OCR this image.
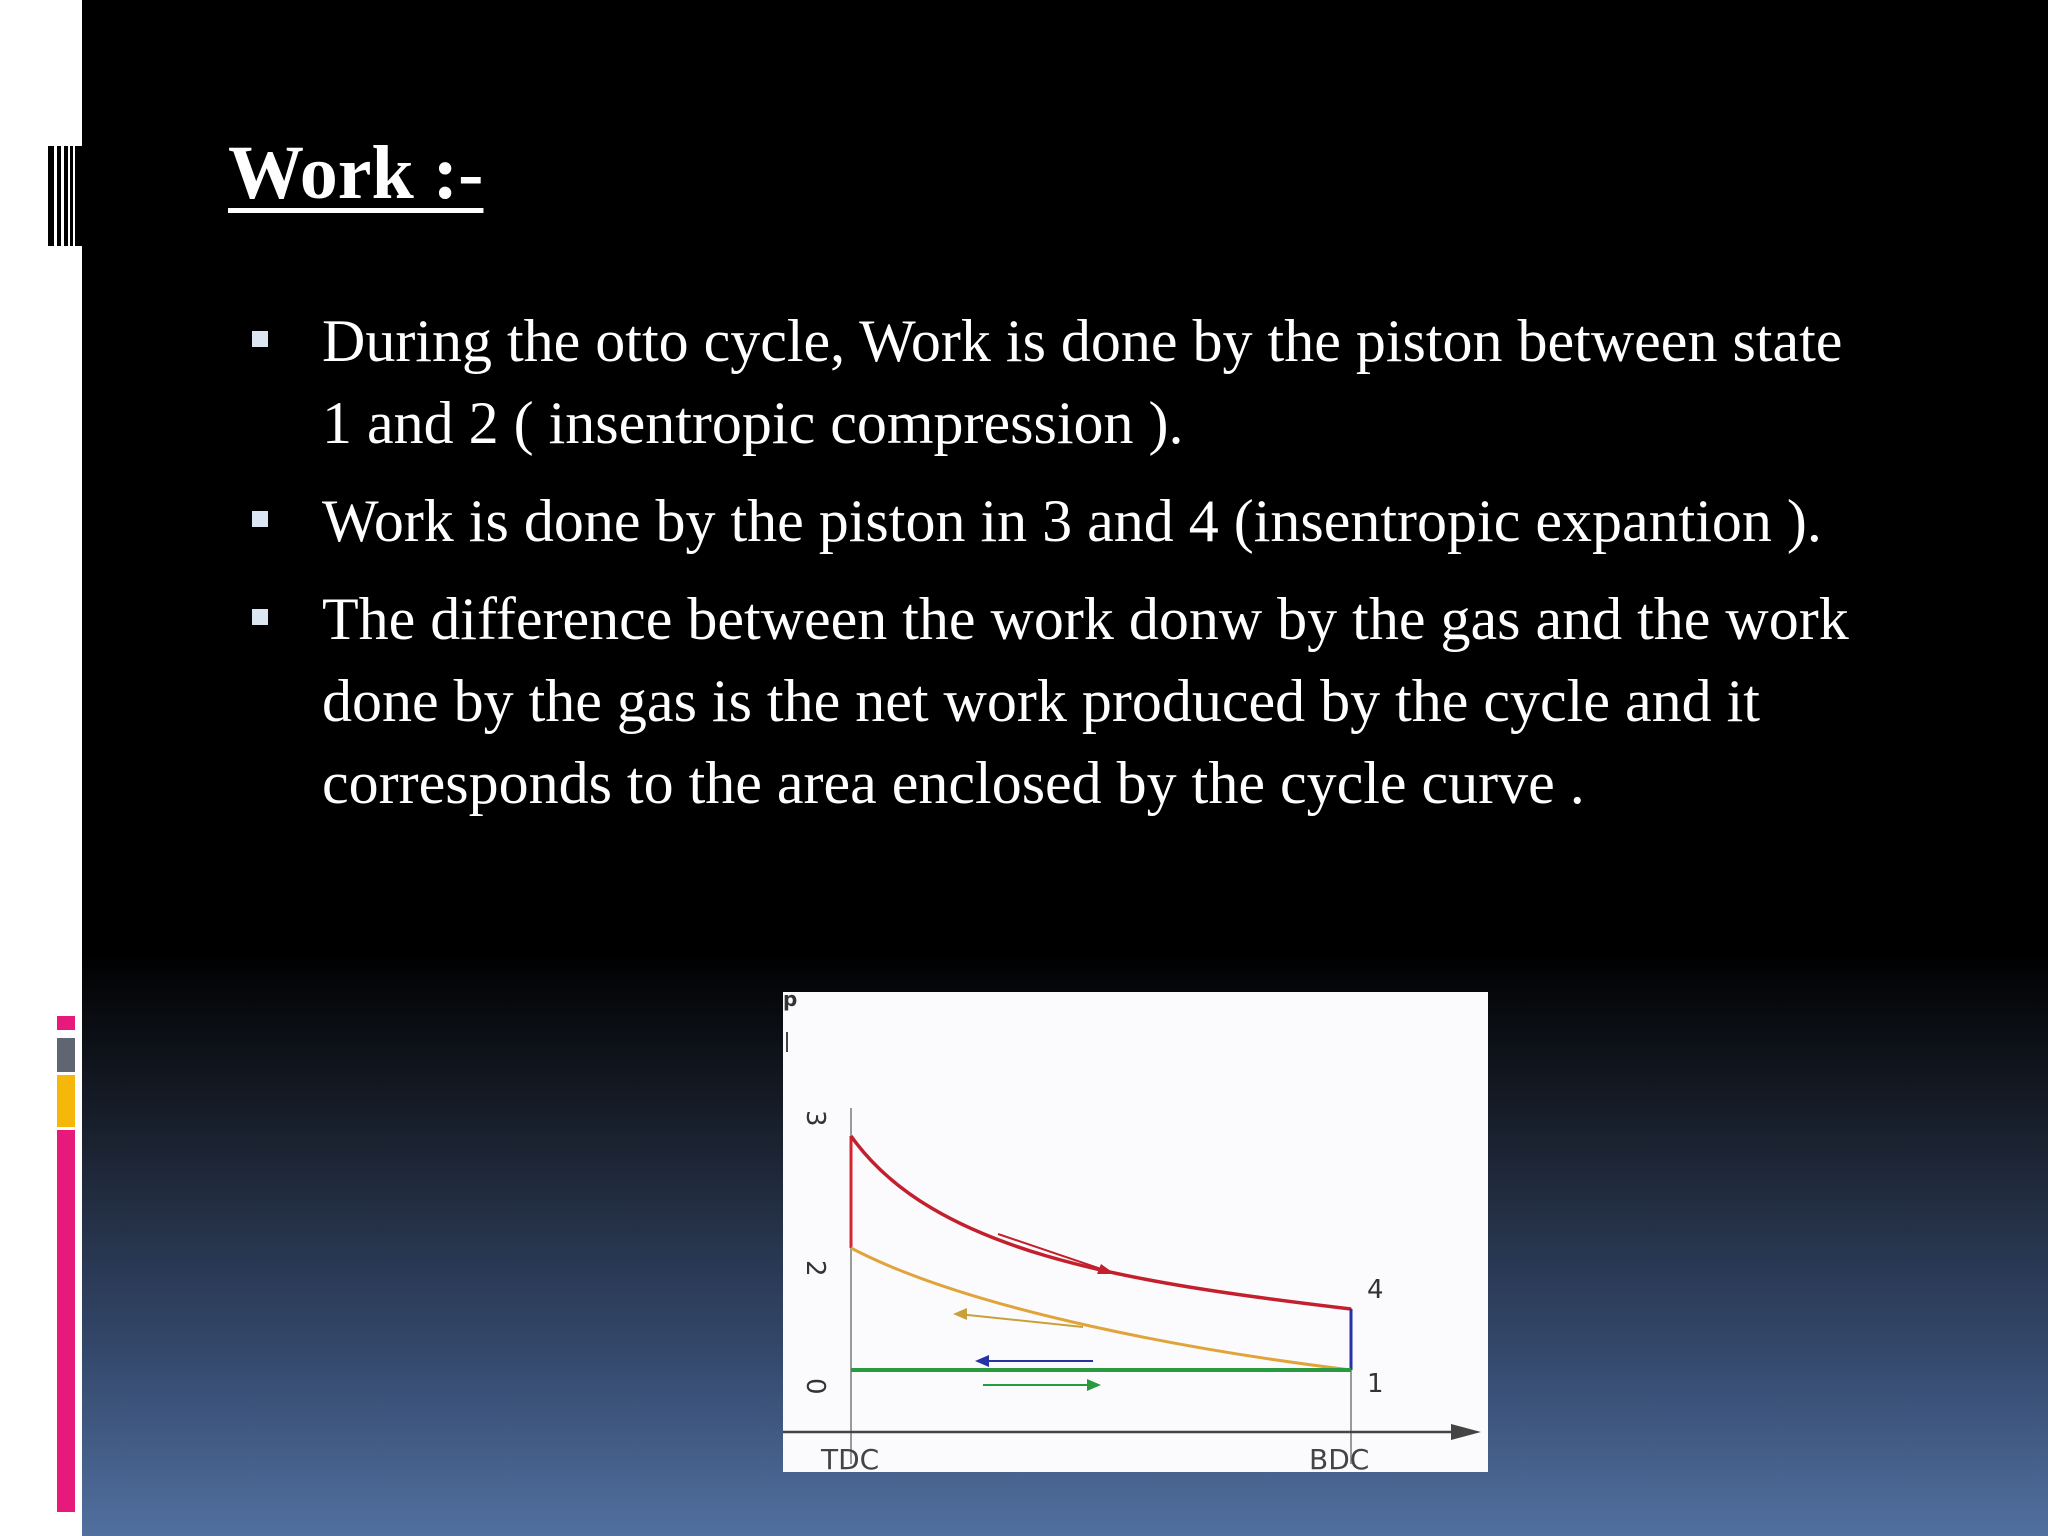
Work :-
During the otto cycle, Work is done by the piston between state 1 and 2 ( insentropic compression ).
Work is done by the piston in 3 and 4 (insentropic expantion ).
The difference between the work donw by the gas and the work done by the gas is the net work produced by the cycle and it corresponds to the area enclosed by the cycle curve .
p
3
2
0
4
1
TDC	BDC
